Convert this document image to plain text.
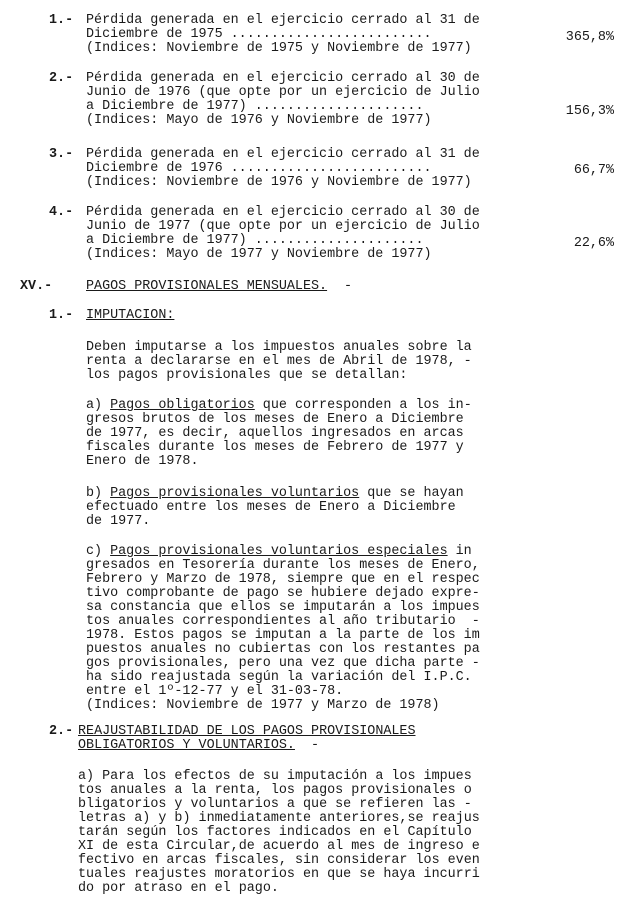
1.- Pérdida generada en el ejercicio cerrado al 31 de
Diciembre de 1975 .........................
(Indices: Noviembre de 1975 y Noviembre de 1977)
365,8%
2.- Pérdida generada en el ejercicio cerrado al 30 de
Junio de 1976 (que opte por un ejercicio de Julio
a Diciembre de 1977) .....................
(Indices: Mayo de 1976 y Noviembre de 1977)
156,3%
3.- Pérdida generada en el ejercicio cerrado al 31 de
Diciembre de 1976 .........................
(Indices: Noviembre de 1976 y Noviembre de 1977)
66,7%
4.- Pérdida generada en el ejercicio cerrado al 30 de
Junio de 1977 (que opte por un ejercicio de Julio
a Diciembre de 1977) .....................
(Indices: Mayo de 1977 y Noviembre de 1977)
22,6%
XV.-	PAGOS PROVISIONALES MENSUALES. -
1.- IMPUTACION:
Deben imputarse a los impuestos anuales sobre la
renta a declararse en el mes de Abril de 1978, -
los pagos provisionales que se detallan:
a) Pagos obligatorios que corresponden a los in-
gresos brutos de los meses de Enero a Diciembre
de 1977, es decir, aquellos ingresados en arcas
fiscales durante los meses de Febrero de 1977 y
Enero de 1978.
b) Pagos provisionales voluntarios que se hayan
efectuado entre los meses de Enero a Diciembre
de 1977.
c) Pagos provisionales voluntarios especiales in
gresados en Tesorería durante los meses de Enero,
Febrero y Marzo de 1978, siempre que en el respec
tivo comprobante de pago se hubiere dejado expre-
sa constancia que ellos se imputarán a los impues
tos anuales correspondientes al año tributario  -
1978. Estos pagos se imputan a la parte de los im
puestos anuales no cubiertas con los restantes pa
gos provisionales, pero una vez que dicha parte -
ha sido reajustada según la variación del I.P.C.
entre el 1º-12-77 y el 31-03-78.
(Indices: Noviembre de 1977 y Marzo de 1978)
2.- REAJUSTABILIDAD DE LOS PAGOS PROVISIONALES
OBLIGATORIOS Y VOLUNTARIOS. -
a) Para los efectos de su imputación a los impues
tos anuales a la renta, los pagos provisionales o
bligatorios y voluntarios a que se refieren las -
letras a) y b) inmediatamente anteriores,se reajus
tarán según los factores indicados en el Capítulo
XI de esta Circular,de acuerdo al mes de ingreso e
fectivo en arcas fiscales, sin considerar los even
tuales reajustes moratorios en que se haya incurri
do por atraso en el pago.
